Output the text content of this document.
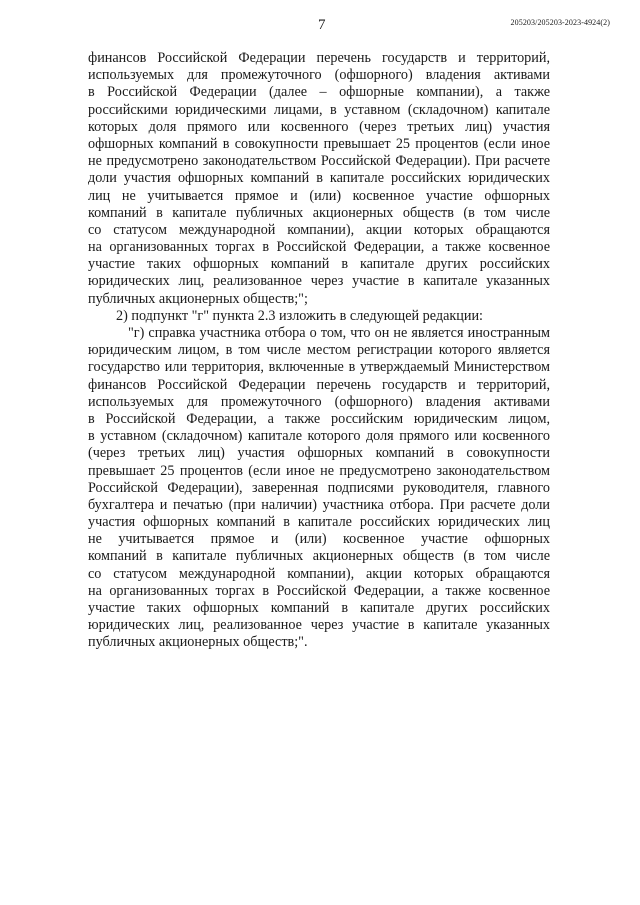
7	205203/205203-2023-4924(2)
финансов Российской Федерации перечень государств и территорий,
используемых для промежуточного (офшорного) владения активами
в Российской Федерации (далее – офшорные компании), а также
российскими юридическими лицами, в уставном (складочном) капитале
которых доля прямого или косвенного (через третьих лиц) участия
офшорных компаний в совокупности превышает 25 процентов (если иное
не предусмотрено законодательством Российской Федерации). При расчете
доли участия офшорных компаний в капитале российских юридических
лиц не учитывается прямое и (или) косвенное участие офшорных
компаний в капитале публичных акционерных обществ (в том числе
со статусом международной компании), акции которых обращаются
на организованных торгах в Российской Федерации, а также косвенное
участие таких офшорных компаний в капитале других российских
юридических лиц, реализованное через участие в капитале указанных
публичных акционерных обществ;";
2) подпункт "г" пункта 2.3 изложить в следующей редакции:
"г) справка участника отбора о том, что он не является иностранным
юридическим лицом, в том числе местом регистрации которого является
государство или территория, включенные в утверждаемый Министерством
финансов Российской Федерации перечень государств и территорий,
используемых для промежуточного (офшорного) владения активами
в Российской Федерации, а также российским юридическим лицом,
в уставном (складочном) капитале которого доля прямого или косвенного
(через третьих лиц) участия офшорных компаний в совокупности
превышает 25 процентов (если иное не предусмотрено законодательством
Российской Федерации), заверенная подписями руководителя, главного
бухгалтера и печатью (при наличии) участника отбора. При расчете доли
участия офшорных компаний в капитале российских юридических лиц
не учитывается прямое и (или) косвенное участие офшорных
компаний в капитале публичных акционерных обществ (в том числе
со статусом международной компании), акции которых обращаются
на организованных торгах в Российской Федерации, а также косвенное
участие таких офшорных компаний в капитале других российских
юридических лиц, реализованное через участие в капитале указанных
публичных акционерных обществ;".
